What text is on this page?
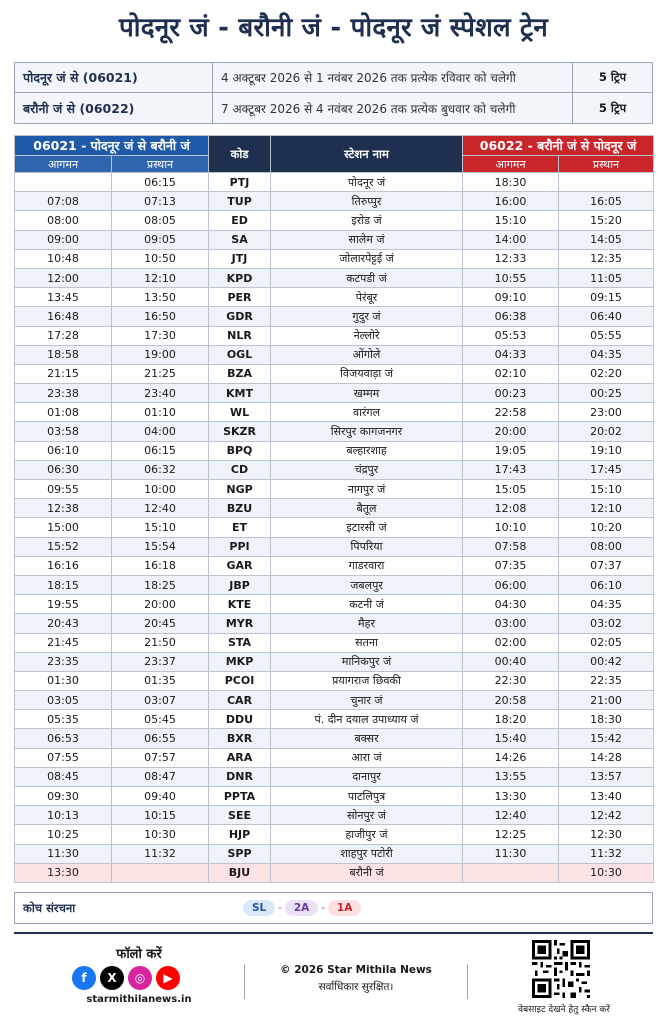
पोदनूर जं - बरौनी जं - पोदनूर जं स्पेशल ट्रेन
पोदनूर जं से (06021)	4 अक्टूबर 2026 से 1 नवंबर 2026 तक प्रत्येक रविवार को चलेगी	5 ट्रिप
बरौनी जं से (06022)	7 अक्टूबर 2026 से 4 नवंबर 2026 तक प्रत्येक बुधवार को चलेगी	5 ट्रिप
06021 - पोदनूर जं से बरौनी जं		कोड	स्टेशन नाम	06022 - बरौनी जं से पोदनूर जं	
आगमन	प्रस्थान			आगमन	प्रस्थान
	06:15	PTJ	पोदनूर जं	18:30	
07:08	07:13	TUP	तिरुप्पुर	16:00	16:05
08:00	08:05	ED	इरोड जं	15:10	15:20
09:00	09:05	SA	सालेम जं	14:00	14:05
10:48	10:50	JTJ	जोलारपेट्टई जं	12:33	12:35
12:00	12:10	KPD	कटपडी जं	10:55	11:05
13:45	13:50	PER	पेरंबूर	09:10	09:15
16:48	16:50	GDR	गुदुर जं	06:38	06:40
17:28	17:30	NLR	नेल्लोरे	05:53	05:55
18:58	19:00	OGL	ओंगोले	04:33	04:35
21:15	21:25	BZA	विजयवाड़ा जं	02:10	02:20
23:38	23:40	KMT	खम्मम	00:23	00:25
01:08	01:10	WL	वारंगल	22:58	23:00
03:58	04:00	SKZR	सिरपुर कागजनगर	20:00	20:02
06:10	06:15	BPQ	बल्हारशाह	19:05	19:10
06:30	06:32	CD	चंद्रपुर	17:43	17:45
09:55	10:00	NGP	नागपुर जं	15:05	15:10
12:38	12:40	BZU	बैतूल	12:08	12:10
15:00	15:10	ET	इटारसी जं	10:10	10:20
15:52	15:54	PPI	पिपरिया	07:58	08:00
16:16	16:18	GAR	गाडरवारा	07:35	07:37
18:15	18:25	JBP	जबलपुर	06:00	06:10
19:55	20:00	KTE	कटनी जं	04:30	04:35
20:43	20:45	MYR	मैहर	03:00	03:02
21:45	21:50	STA	सतना	02:00	02:05
23:35	23:37	MKP	मानिकपुर जं	00:40	00:42
01:30	01:35	PCOI	प्रयागराज छिवकी	22:30	22:35
03:05	03:07	CAR	चुनार जं	20:58	21:00
05:35	05:45	DDU	पं. दीन दयाल उपाध्याय जं	18:20	18:30
06:53	06:55	BXR	बक्सर	15:40	15:42
07:55	07:57	ARA	आरा जं	14:26	14:28
08:45	08:47	DNR	दानापुर	13:55	13:57
09:30	09:40	PPTA	पाटलिपुत्र	13:30	13:40
10:13	10:15	SEE	सोनपुर जं	12:40	12:42
10:25	10:30	HJP	हाजीपुर जं	12:25	12:30
11:30	11:32	SPP	शाहपुर पटोरी	11:30	11:32
13:30		BJU	बरौनी जं		10:30
कोच संरचना	SL	-	2A	-	1A
फॉलो करें
f	X	◎	▶
starmithilanews.in
© 2026 Star Mithila News
सर्वाधिकार सुरक्षित।
वेबसाइट देखने हेतु स्कैन करें
